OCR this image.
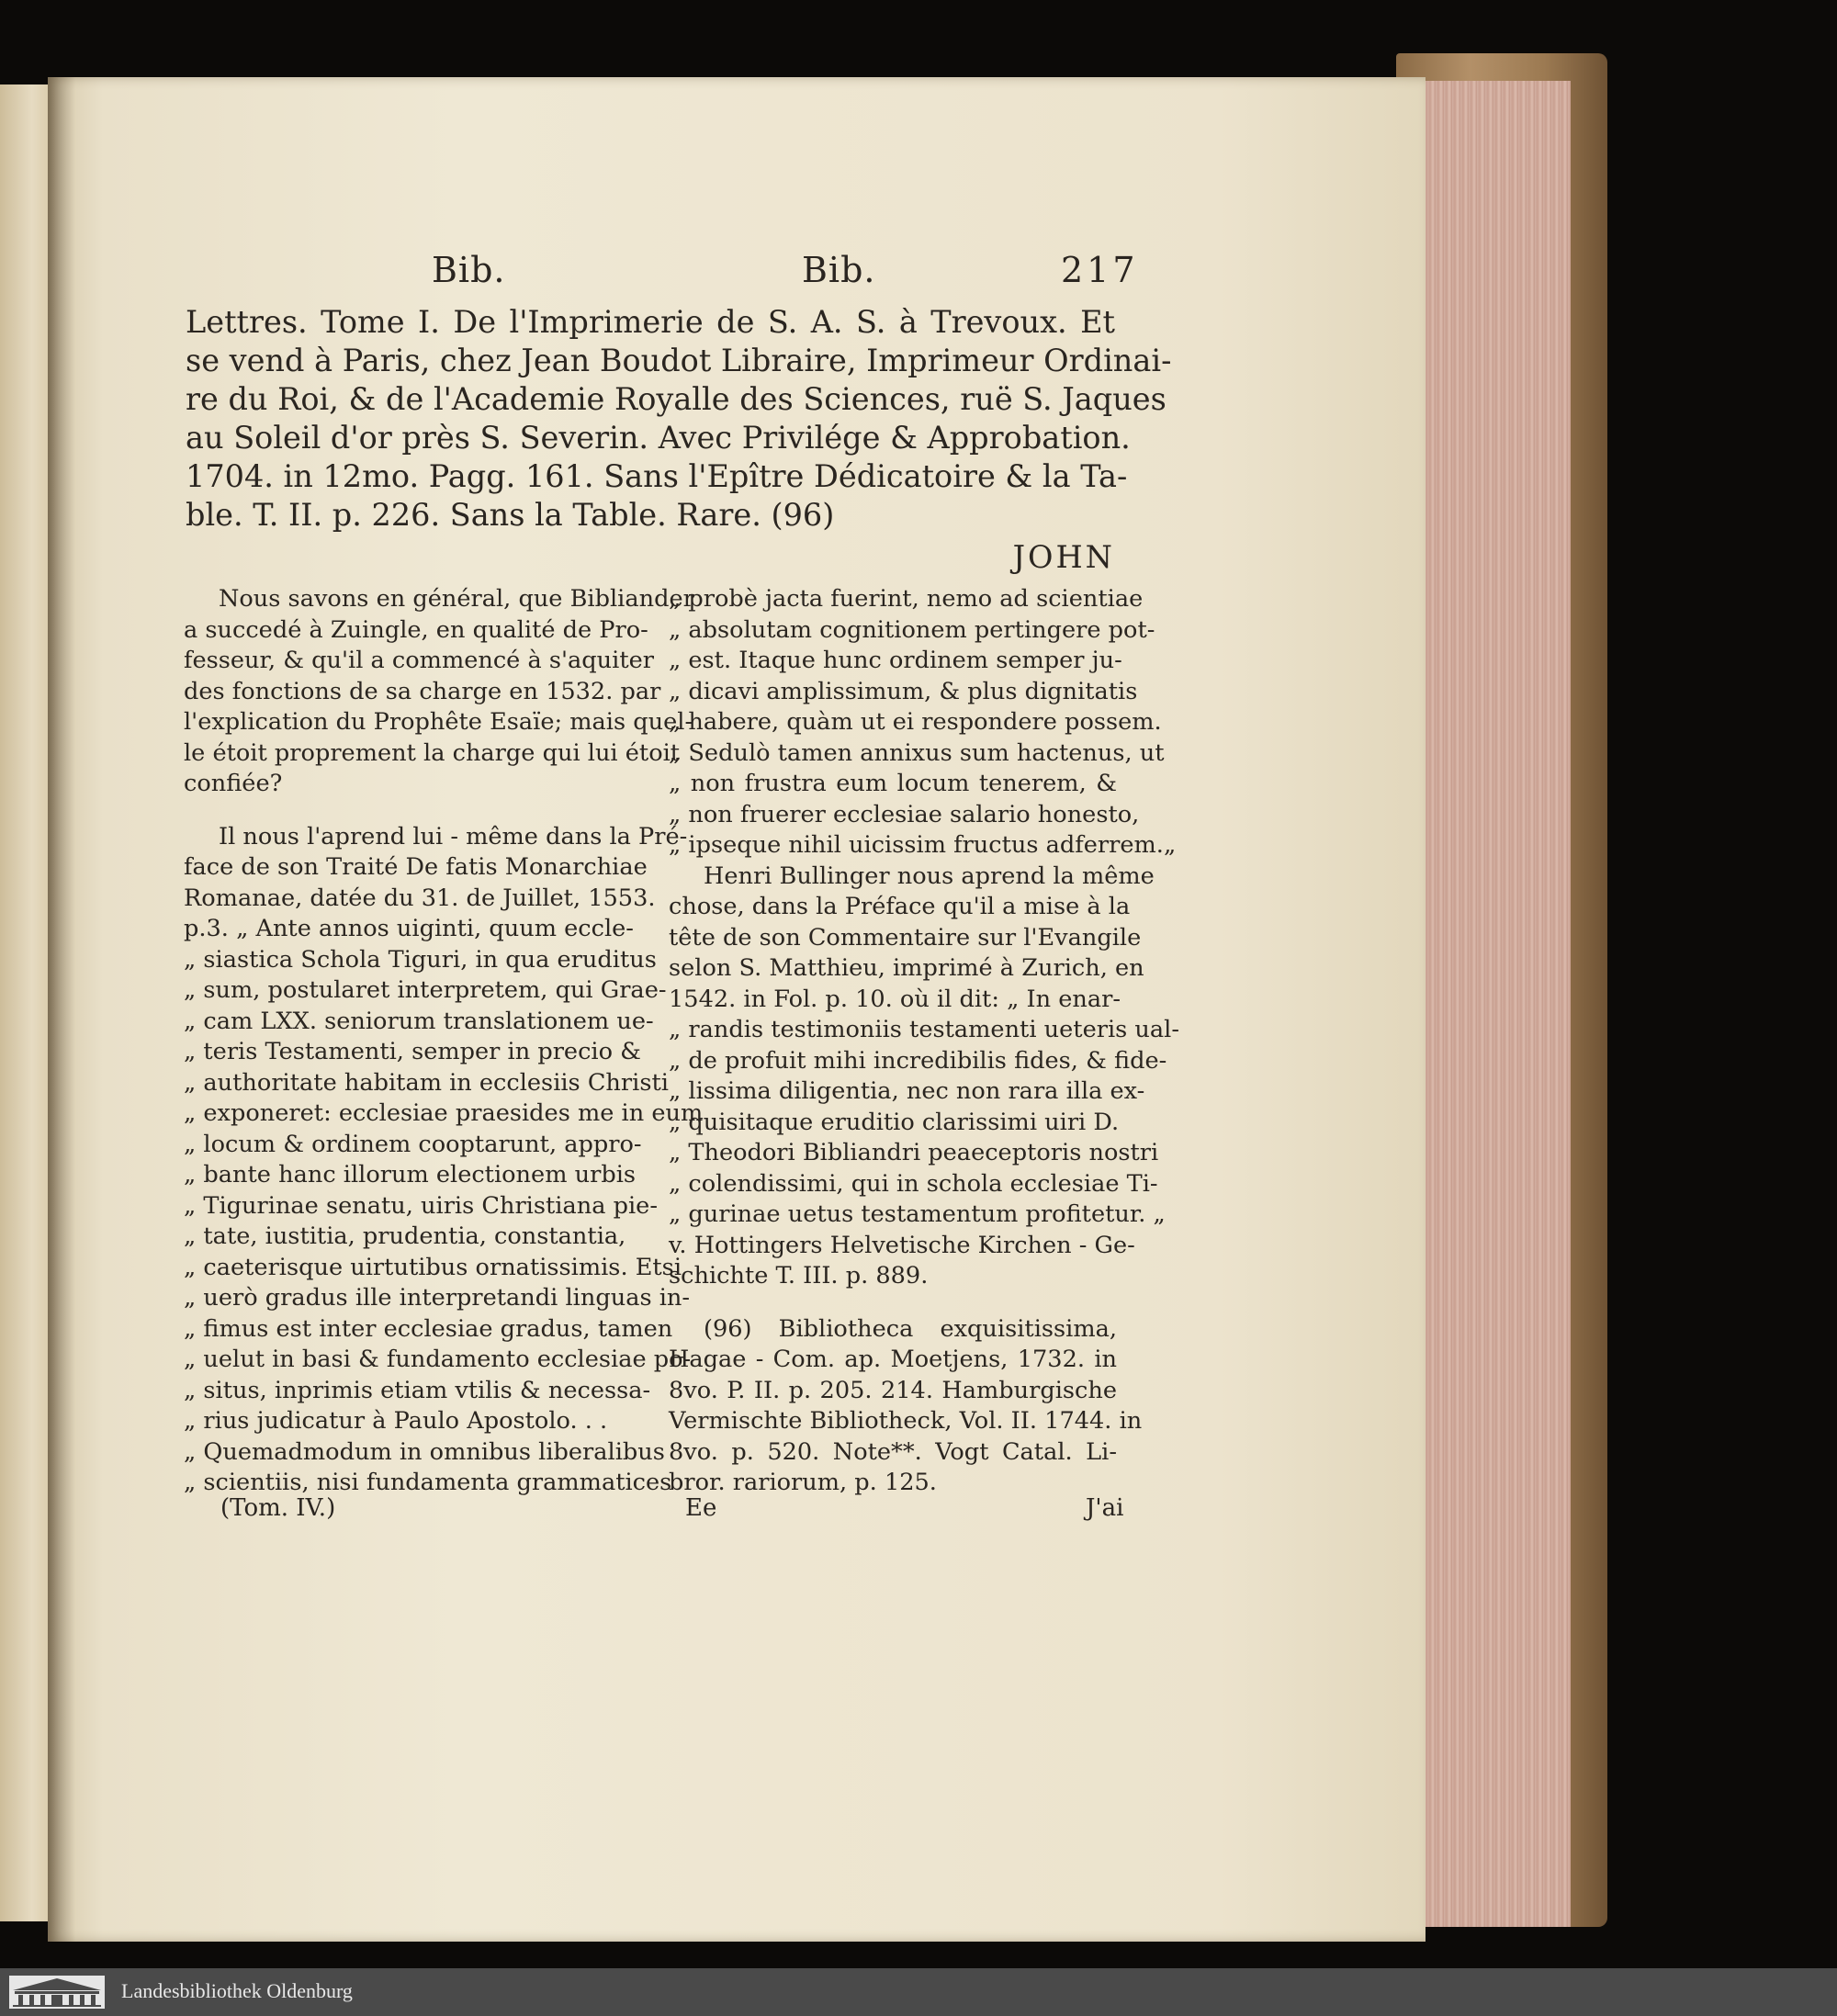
Bib.	Bib.	217
Lettres. Tome I. De l'Imprimerie de S. A. S. à Trevoux. Et
se vend à Paris, chez Jean Boudot Libraire, Imprimeur Ordinai-
re du Roi, & de l'Academie Royalle des Sciences, ruë S. Jaques
au Soleil d'or près S. Severin. Avec Privilége & Approbation.
1704. in 12mo. Pagg. 161. Sans l'Epître Dédicatoire & la Ta-
ble. T. II. p. 226. Sans la Table. Rare. (96)
JOHN
Nous savons en général, que Bibliander
a succedé à Zuingle, en qualité de Pro-
fesseur, & qu'il a commencé à s'aquiter
des fonctions de sa charge en 1532. par
l'explication du Prophête Esaïe; mais quel-
le étoit proprement la charge qui lui étoit
confiée?
Il nous l'aprend lui - même dans la Pré-
face de son Traité De fatis Monarchiae
Romanae, datée du 31. de Juillet, 1553.
p.3. „ Ante annos uiginti, quum eccle-
„ siastica Schola Tiguri, in qua eruditus
„ sum, postularet interpretem, qui Grae-
„ cam LXX. seniorum translationem ue-
„ teris Testamenti, semper in precio &
„ authoritate habitam in ecclesiis Christi
„ exponeret: ecclesiae praesides me in eum
„ locum & ordinem cooptarunt, appro-
„ bante hanc illorum electionem urbis
„ Tigurinae senatu, uiris Christiana pie-
„ tate, iustitia, prudentia, constantia,
„ caeterisque uirtutibus ornatissimis. Etsi
„ uerò gradus ille interpretandi linguas in-
„ fimus est inter ecclesiae gradus, tamen
„ uelut in basi & fundamento ecclesiae po-
„ situs, inprimis etiam vtilis & necessa-
„ rius judicatur à Paulo Apostolo. . .
„ Quemadmodum in omnibus liberalibus
„ scientiis, nisi fundamenta grammatices
„ probè jacta fuerint, nemo ad scientiae
„ absolutam cognitionem pertingere pot-
„ est. Itaque hunc ordinem semper ju-
„ dicavi amplissimum, & plus dignitatis
„ habere, quàm ut ei respondere possem.
„ Sedulò tamen annixus sum hactenus, ut
„ non frustra eum locum tenerem, &
„ non fruerer ecclesiae salario honesto,
„ ipseque nihil uicissim fructus adferrem.„
Henri Bullinger nous aprend la même
chose, dans la Préface qu'il a mise à la
tête de son Commentaire sur l'Evangile
selon S. Matthieu, imprimé à Zurich, en
1542. in Fol. p. 10. où il dit: „ In enar-
„ randis testimoniis testamenti ueteris ual-
„ de profuit mihi incredibilis fides, & fide-
„ lissima diligentia, nec non rara illa ex-
„ quisitaque eruditio clarissimi uiri D.
„ Theodori Bibliandri peaeceptoris nostri
„ colendissimi, qui in schola ecclesiae Ti-
„ gurinae uetus testamentum profitetur. „
v. Hottingers Helvetische Kirchen - Ge-
schichte T. III. p. 889.
(96) Bibliotheca exquisitissima,
Hagae - Com. ap. Moetjens, 1732. in
8vo. P. II. p. 205. 214. Hamburgische
Vermischte Bibliotheck, Vol. II. 1744. in
8vo. p. 520. Note**. Vogt Catal. Li-
bror. rariorum, p. 125.
(Tom. IV.)	Ee	J'ai
Landesbibliothek Oldenburg
